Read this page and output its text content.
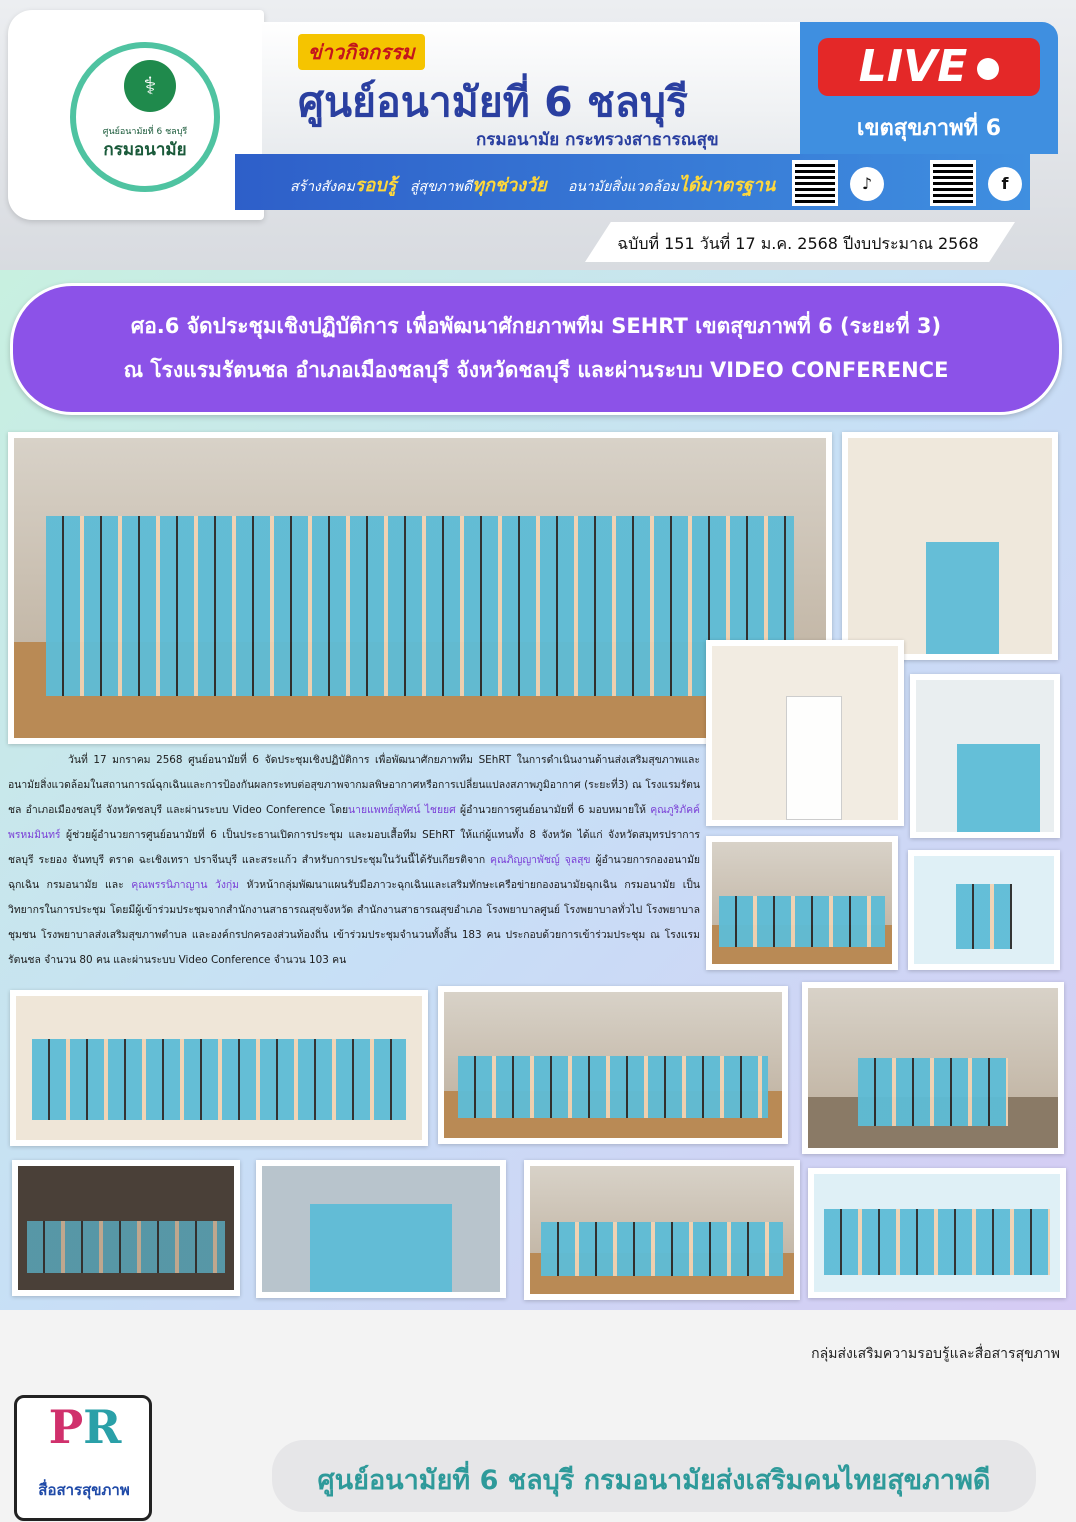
⚕
ศูนย์อนามัยที่ 6 ชลบุรี
กรมอนามัย
ข่าวกิจกรรม
ศูนย์อนามัยที่ 6 ชลบุรี
กรมอนามัย กระทรวงสาธารณสุข
สร้างสังคมรอบรู้ สู่สุขภาพดีทุกช่วงวัย อนามัยสิ่งแวดล้อมได้มาตรฐาน
LIVE
เขตสุขภาพที่ 6
♪	f
ฉบับที่ 151 วันที่ 17 ม.ค. 2568 ปีงบประมาณ 2568
ศอ.6 จัดประชุมเชิงปฏิบัติการ เพื่อพัฒนาศักยภาพทีม SEHRT เขตสุขภาพที่ 6 (ระยะที่ 3)
ณ โรงแรมรัตนชล อำเภอเมืองชลบุรี จังหวัดชลบุรี และผ่านระบบ VIDEO CONFERENCE

วันที่ 17 มกราคม 2568 ศูนย์อนามัยที่ 6 จัดประชุมเชิงปฏิบัติการ เพื่อพัฒนาศักยภาพทีม SEhRT ในการดำเนินงานด้านส่งเสริมสุขภาพและอนามัยสิ่งแวดล้อมในสถานการณ์ฉุกเฉินและการป้องกันผลกระทบต่อสุขภาพจากมลพิษอากาศหรือการเปลี่ยนแปลงสภาพภูมิอากาศ (ระยะที่3) ณ โรงแรมรัตนชล อำเภอเมืองชลบุรี จังหวัดชลบุรี และผ่านระบบ Video Conference โดยนายแพทย์สุทัศน์ ไชยยศ ผู้อำนวยการศูนย์อนามัยที่ 6 มอบหมายให้ คุณภูริภัคค์ พรหมมินทร์ ผู้ช่วยผู้อำนวยการศูนย์อนามัยที่ 6 เป็นประธานเปิดการประชุม และมอบเสื้อทีม SEhRT ให้แก่ผู้แทนทั้ง 8 จังหวัด ได้แก่ จังหวัดสมุทรปราการ ชลบุรี ระยอง จันทบุรี ตราด ฉะเชิงเทรา ปราจีนบุรี และสระแก้ว สำหรับการประชุมในวันนี้ได้รับเกียรติจาก คุณภิญญาพัชญ์ จุลสุข ผู้อำนวยการกองอนามัยฉุกเฉิน กรมอนามัย และ คุณพรรนิภาญาน วังกุ่ม หัวหน้ากลุ่มพัฒนาแผนรับมือภาวะฉุกเฉินและเสริมทักษะเครือข่ายกองอนามัยฉุกเฉิน กรมอนามัย เป็นวิทยากรในการประชุม โดยมีผู้เข้าร่วมประชุมจากสำนักงานสาธารณสุขจังหวัด สำนักงานสาธารณสุขอำเภอ โรงพยาบาลศูนย์ โรงพยาบาลทั่วไป โรงพยาบาลชุมชน โรงพยาบาลส่งเสริมสุขภาพตำบล และองค์กรปกครองส่วนท้องถิ่น เข้าร่วมประชุมจำนวนทั้งสิ้น 183 คน ประกอบด้วยการเข้าร่วมประชุม ณ โรงแรมรัตนชล จำนวน 80 คน และผ่านระบบ Video Conference จำนวน 103 คน

กลุ่มส่งเสริมความรอบรู้และสื่อสารสุขภาพ
PR
สื่อสารสุขภาพ	ศูนย์อนามัยที่ 6 ชลบุรี กรมอนามัยส่งเสริมคนไทยสุขภาพดี
